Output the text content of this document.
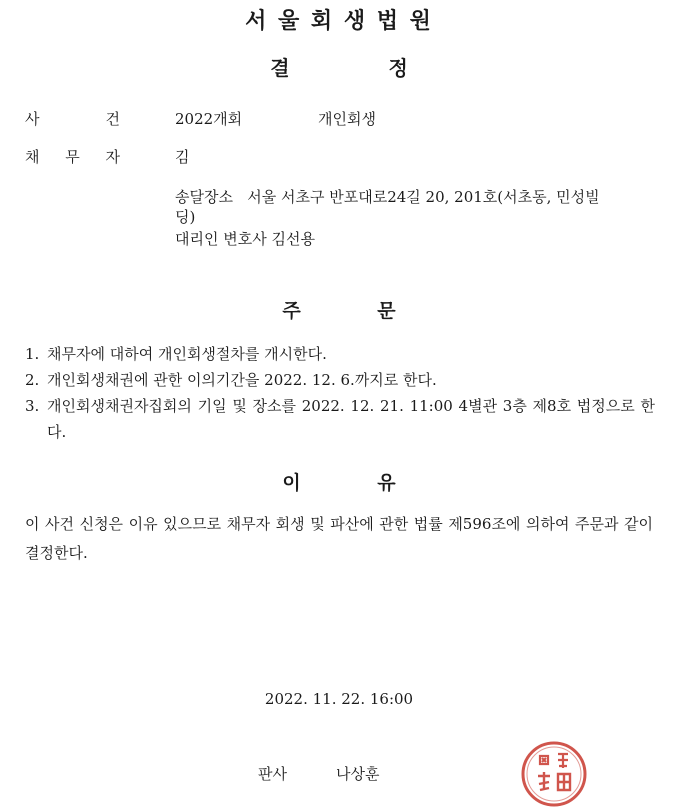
서 울 회 생 법 원
결 정
사	건	2022개회	개인회생
채 무 자	김
송달장소   서울 서초구 반포대로24길 20, 201호(서초동, 민성빌
딩)
대리인 변호사 김선용
주 문
1. 채무자에 대하여 개인회생절차를 개시한다.
2. 개인회생채권에 관한 이의기간을 2022. 12. 6.까지로 한다.
3. 개인회생채권자집회의 기일 및 장소를 2022. 12. 21. 11:00 4별관 3층 제8호 법정으로 한다.
이 유
이 사건 신청은 이유 있으므로 채무자 회생 및 파산에 관한 법률 제596조에 의하여 주문과 같이 결정한다.
2022. 11. 22. 16:00
판사	나상훈
